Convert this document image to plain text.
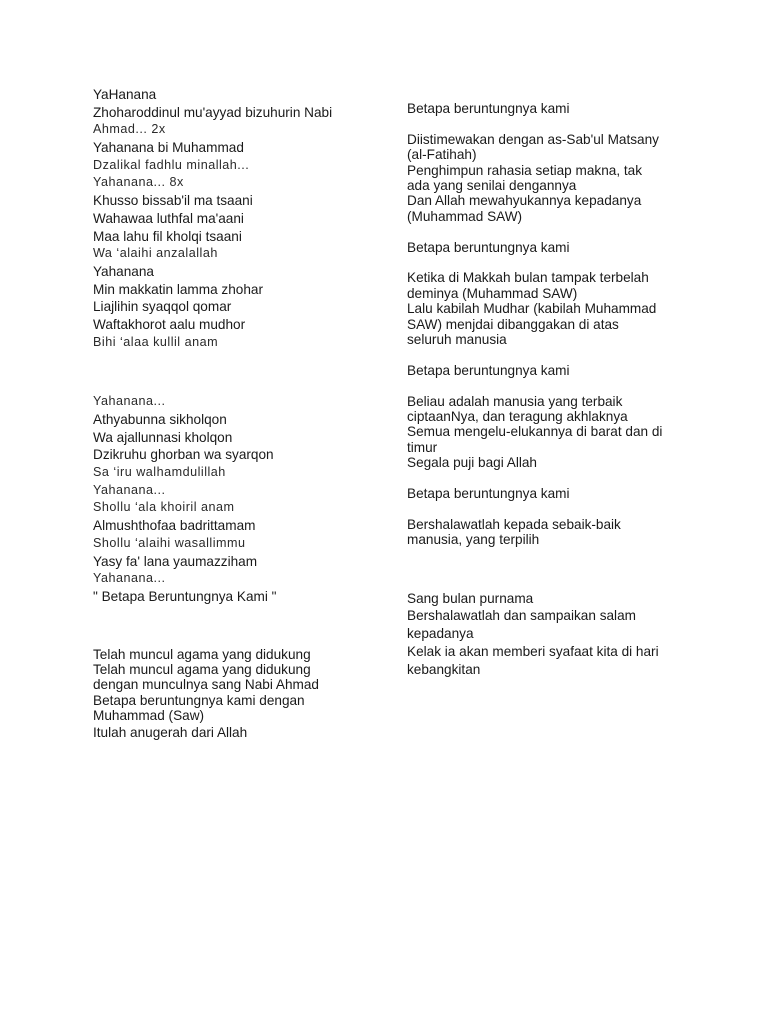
YaHanana
Zhoharoddinul mu'ayyad bizuhurin Nabi
Ahmad... 2x
Yahanana bi Muhammad
Dzalikal fadhlu minallah...
Yahanana... 8x
Khusso bissab'il ma tsaani
Wahawaa luthfal ma'aani
Maa lahu fil kholqi tsaani
Wa ‘alaihi anzalallah
Yahanana
Min makkatin lamma zhohar
Liajlihin syaqqol qomar
Waftakhorot aalu mudhor
Bihi ‘alaa kullil anam
Yahanana...
Athyabunna sikholqon
Wa ajallunnasi kholqon
Dzikruhu ghorban wa syarqon
Sa ‘iru walhamdulillah
Yahanana...
Shollu ‘ala khoiril anam
Almushthofaa badrittamam
Shollu ‘alaihi wasallimmu
Yasy fa' lana yaumazziham
Yahanana...
" Betapa Beruntungnya Kami "
Telah muncul agama yang didukung
Telah muncul agama yang didukung
dengan munculnya sang Nabi Ahmad
Betapa beruntungnya kami dengan
Muhammad (Saw)
Itulah anugerah dari Allah
Betapa beruntungnya kami
Diistimewakan dengan as-Sab'ul Matsany
(al-Fatihah)
Penghimpun rahasia setiap makna, tak
ada yang senilai dengannya
Dan Allah mewahyukannya kepadanya
(Muhammad SAW)
Betapa beruntungnya kami
Ketika di Makkah bulan tampak terbelah
deminya (Muhammad SAW)
Lalu kabilah Mudhar (kabilah Muhammad
SAW) menjdai dibanggakan di atas
seluruh manusia
Betapa beruntungnya kami
Beliau adalah manusia yang terbaik
ciptaanNya, dan teragung akhlaknya
Semua mengelu-elukannya di barat dan di
timur
Segala puji bagi Allah
Betapa beruntungnya kami
Bershalawatlah kepada sebaik-baik
manusia, yang terpilih
Sang bulan purnama
Bershalawatlah dan sampaikan salam
kepadanya
Kelak ia akan memberi syafaat kita di hari
kebangkitan
